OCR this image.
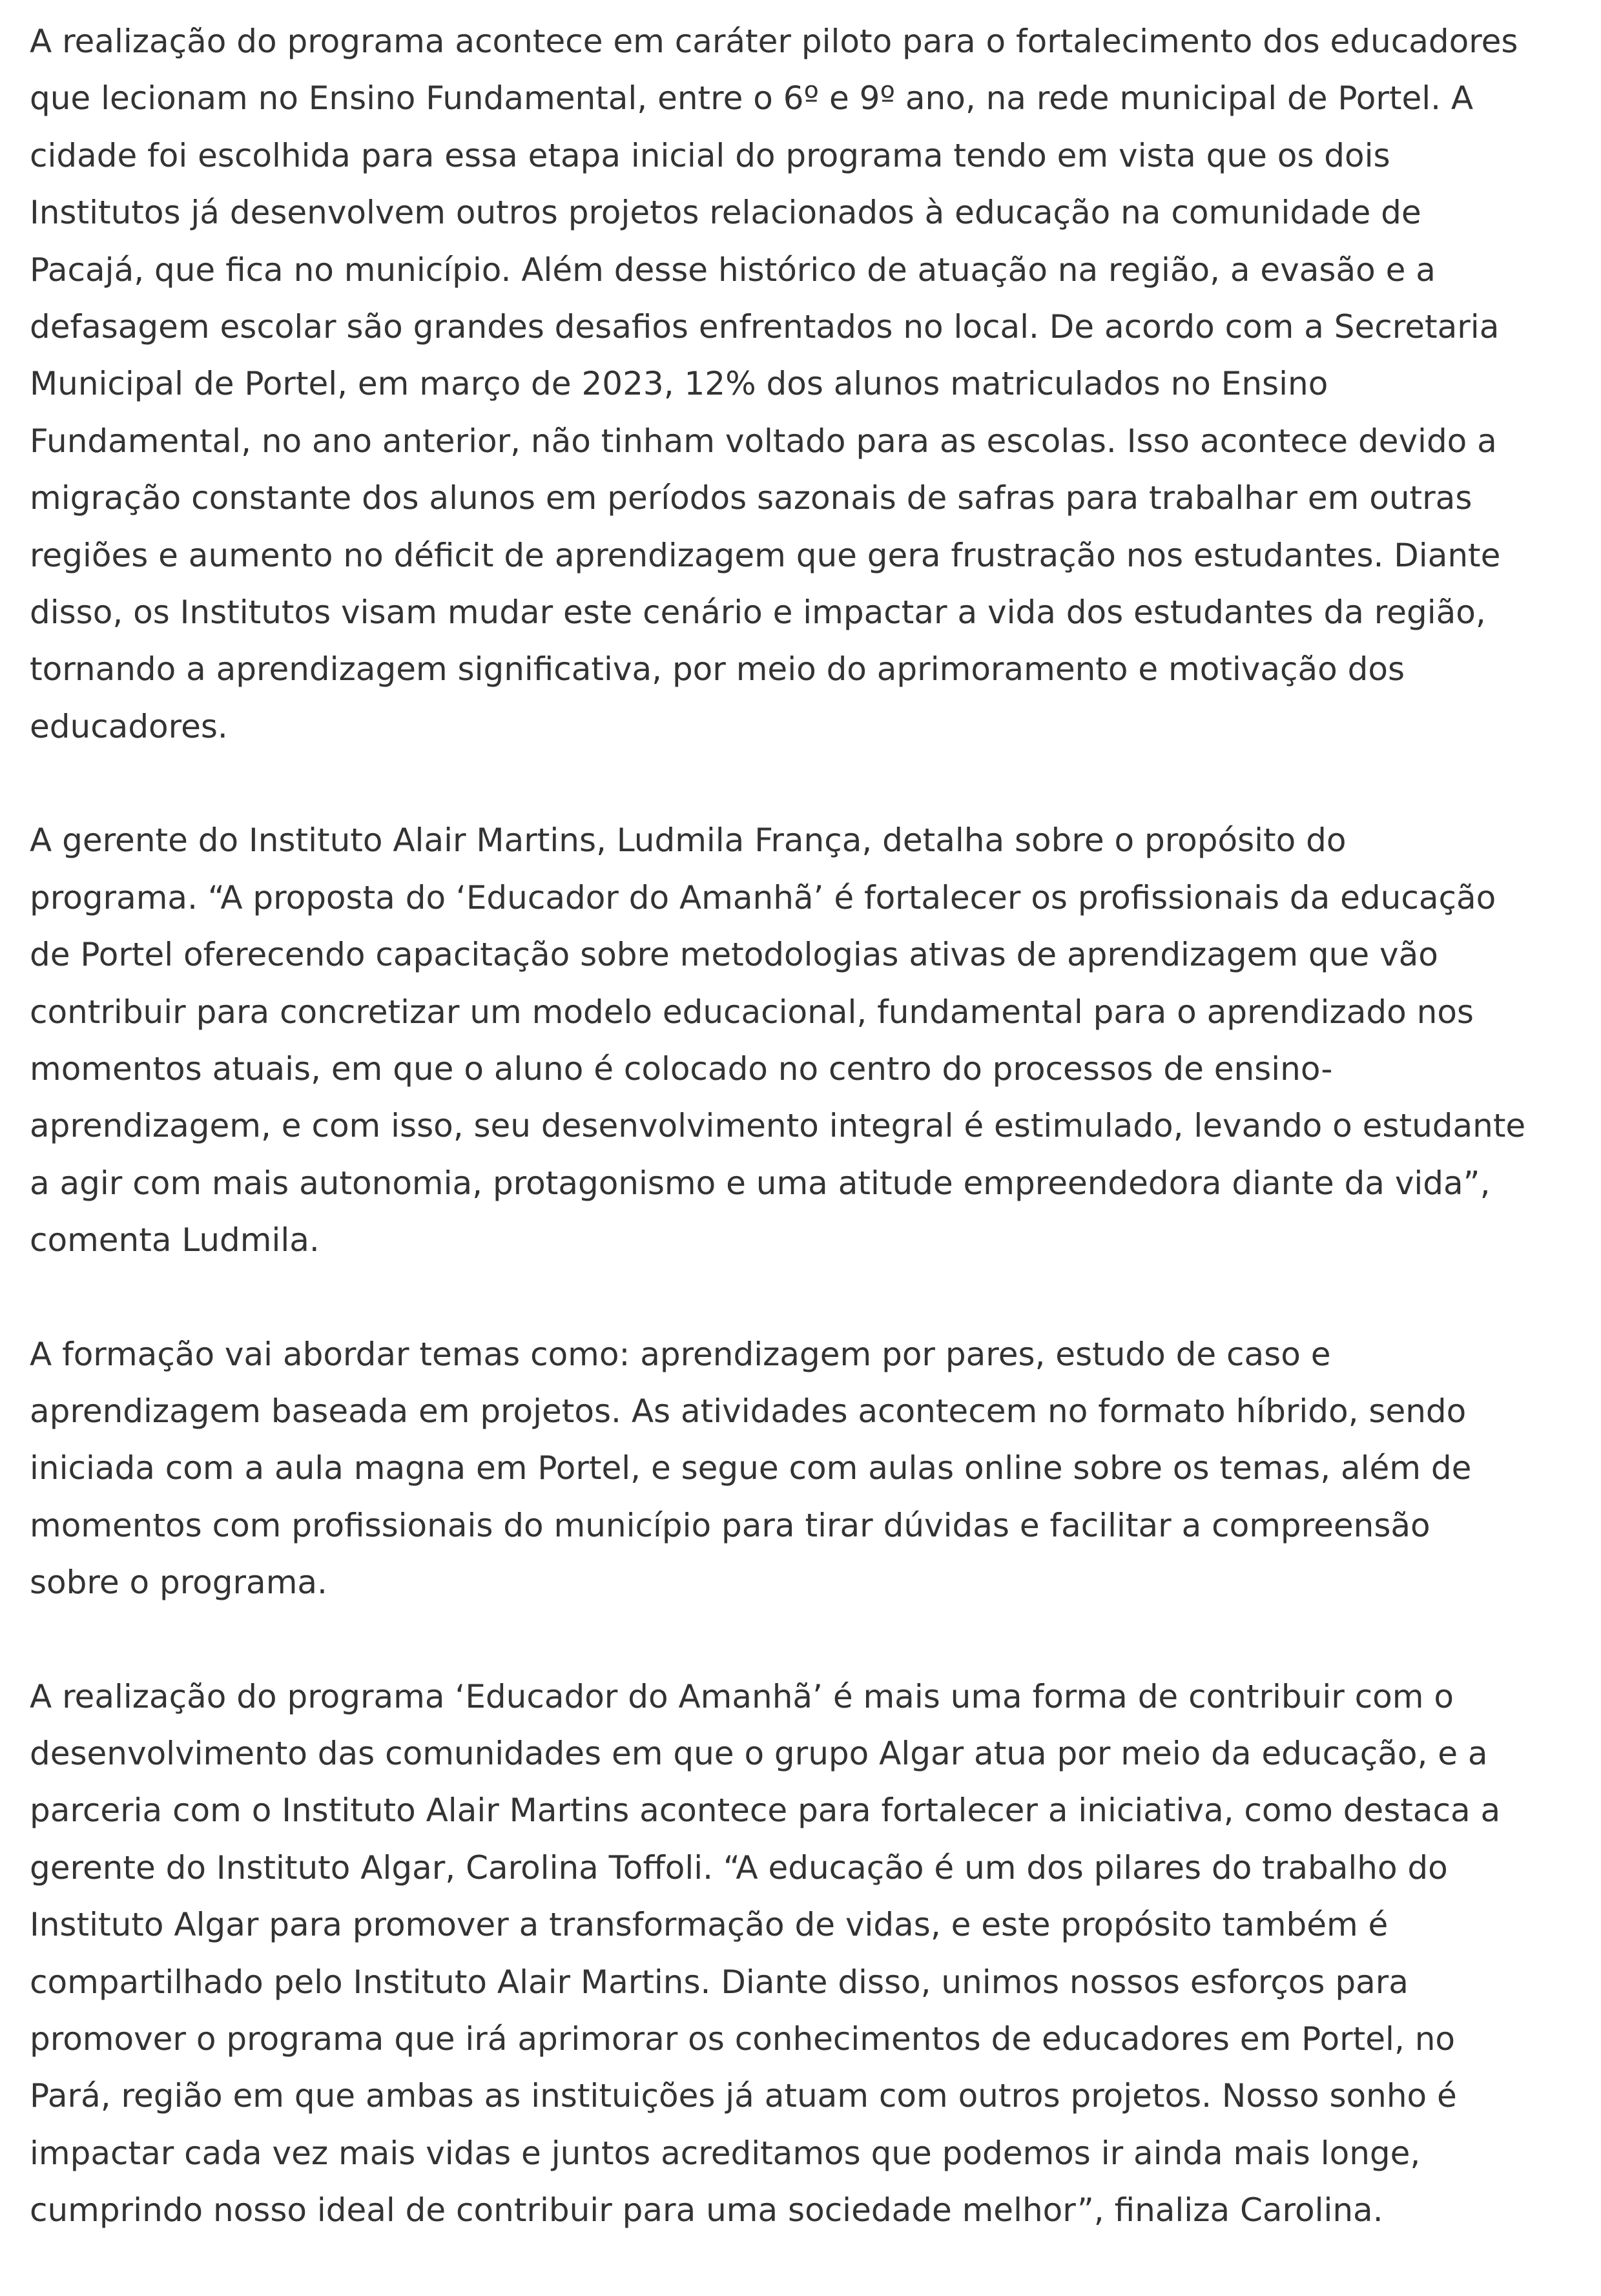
A realização do programa acontece em caráter piloto para o fortalecimento dos educadores
que lecionam no Ensino Fundamental, entre o 6º e 9º ano, na rede municipal de Portel. A
cidade foi escolhida para essa etapa inicial do programa tendo em vista que os dois
Institutos já desenvolvem outros projetos relacionados à educação na comunidade de
Pacajá, que fica no município. Além desse histórico de atuação na região, a evasão e a
defasagem escolar são grandes desafios enfrentados no local. De acordo com a Secretaria
Municipal de Portel, em março de 2023, 12% dos alunos matriculados no Ensino
Fundamental, no ano anterior, não tinham voltado para as escolas. Isso acontece devido a
migração constante dos alunos em períodos sazonais de safras para trabalhar em outras
regiões e aumento no déficit de aprendizagem que gera frustração nos estudantes. Diante
disso, os Institutos visam mudar este cenário e impactar a vida dos estudantes da região,
tornando a aprendizagem significativa, por meio do aprimoramento e motivação dos
educadores.

A gerente do Instituto Alair Martins, Ludmila França, detalha sobre o propósito do
programa. “A proposta do ‘Educador do Amanhã’ é fortalecer os profissionais da educação
de Portel oferecendo capacitação sobre metodologias ativas de aprendizagem que vão
contribuir para concretizar um modelo educacional, fundamental para o aprendizado nos
momentos atuais, em que o aluno é colocado no centro do processos de ensino-
aprendizagem, e com isso, seu desenvolvimento integral é estimulado, levando o estudante
a agir com mais autonomia, protagonismo e uma atitude empreendedora diante da vida”,
comenta Ludmila.

A formação vai abordar temas como: aprendizagem por pares, estudo de caso e
aprendizagem baseada em projetos. As atividades acontecem no formato híbrido, sendo
iniciada com a aula magna em Portel, e segue com aulas online sobre os temas, além de
momentos com profissionais do município para tirar dúvidas e facilitar a compreensão
sobre o programa.

A realização do programa ‘Educador do Amanhã’ é mais uma forma de contribuir com o
desenvolvimento das comunidades em que o grupo Algar atua por meio da educação, e a
parceria com o Instituto Alair Martins acontece para fortalecer a iniciativa, como destaca a
gerente do Instituto Algar, Carolina Toffoli. “A educação é um dos pilares do trabalho do
Instituto Algar para promover a transformação de vidas, e este propósito também é
compartilhado pelo Instituto Alair Martins. Diante disso, unimos nossos esforços para
promover o programa que irá aprimorar os conhecimentos de educadores em Portel, no
Pará, região em que ambas as instituições já atuam com outros projetos. Nosso sonho é
impactar cada vez mais vidas e juntos acreditamos que podemos ir ainda mais longe,
cumprindo nosso ideal de contribuir para uma sociedade melhor”, finaliza Carolina.
